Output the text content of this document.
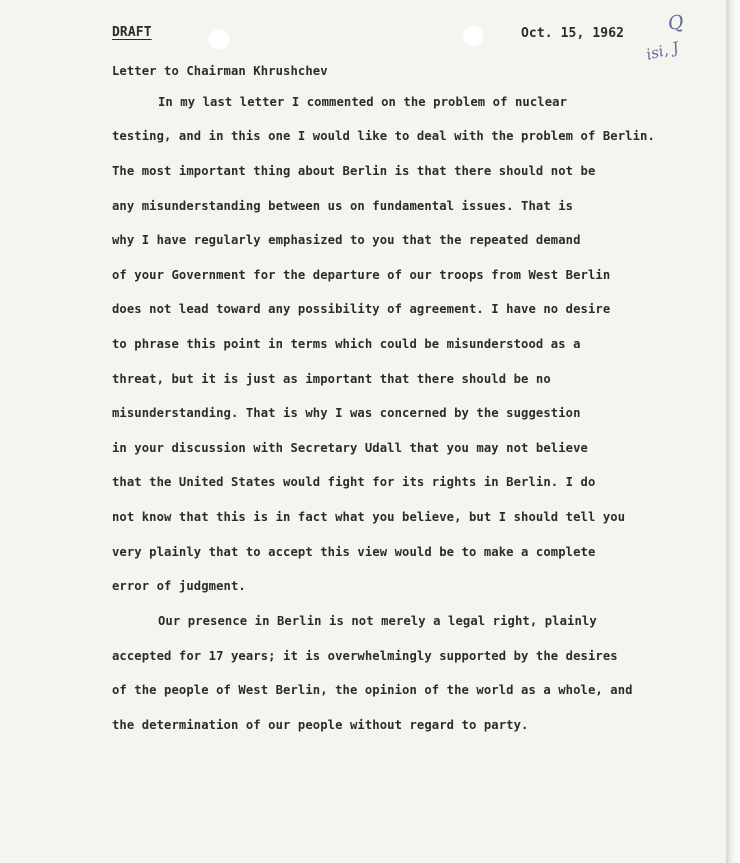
DRAFT	Oct. 15, 1962 Q
isi, J
Letter to Chairman Khrushchev
In my last letter I commented on the problem of nuclear
testing, and in this one I would like to deal with the problem of Berlin.
The most important thing about Berlin is that there should not be
any misunderstanding between us on fundamental issues. That is
why I have regularly emphasized to you that the repeated demand
of your Government for the departure of our troops from West Berlin
does not lead toward any possibility of agreement. I have no desire
to phrase this point in terms which could be misunderstood as a
threat, but it is just as important that there should be no
misunderstanding. That is why I was concerned by the suggestion
in your discussion with Secretary Udall that you may not believe
that the United States would fight for its rights in Berlin. I do
not know that this is in fact what you believe, but I should tell you
very plainly that to accept this view would be to make a complete
error of judgment.
Our presence in Berlin is not merely a legal right, plainly
accepted for 17 years; it is overwhelmingly supported by the desires
of the people of West Berlin, the opinion of the world as a whole, and
the determination of our people without regard to party.
